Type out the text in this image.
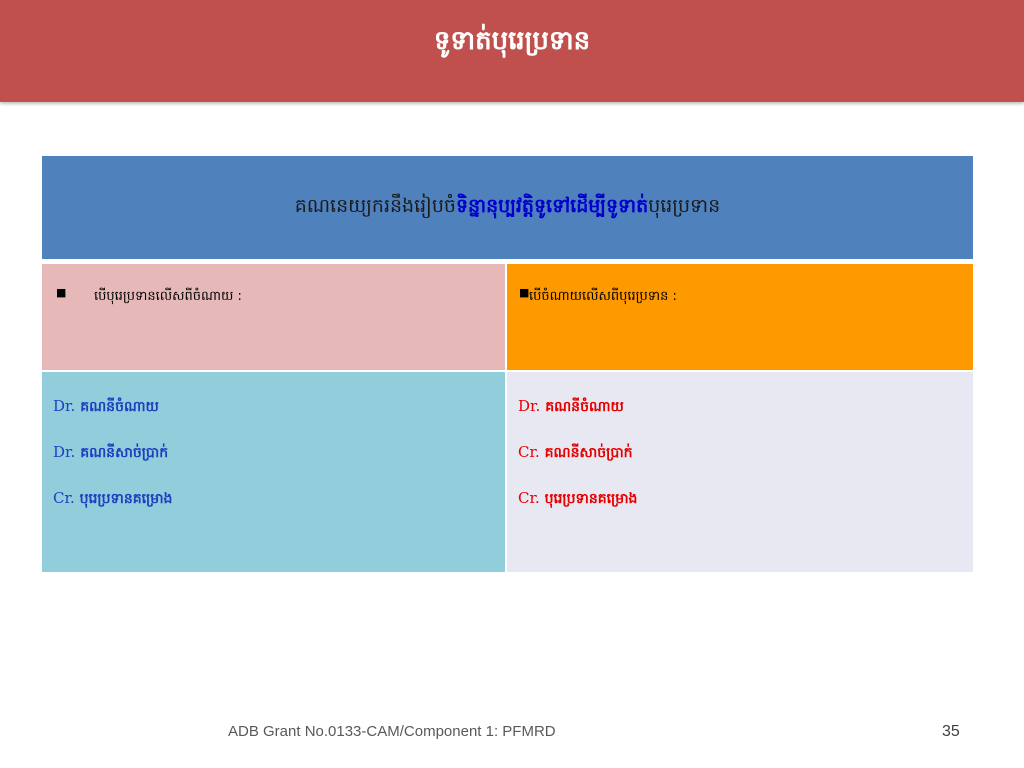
ទូទាត់បុរេប្រទាន
គណនេយ្យករនឹងរៀបចំ ទិន្នានុប្បវត្តិទូទៅដើម្បីទូទាត់ បុរេប្រទាន
■ បើបុរេប្រទានលើសពីចំណាយ :	■ បើចំណាយលើសពីបុរេប្រទាន :
Dr. គណនីចំណាយ
Dr. គណនីសាច់ប្រាក់
Cr. បុរេប្រទានគម្រោង
Dr. គណនីចំណាយ
Cr. គណនីសាច់ប្រាក់
Cr. បុរេប្រទានគម្រោង
ADB Grant No.0133-CAM/Component 1: PFMRD	35
